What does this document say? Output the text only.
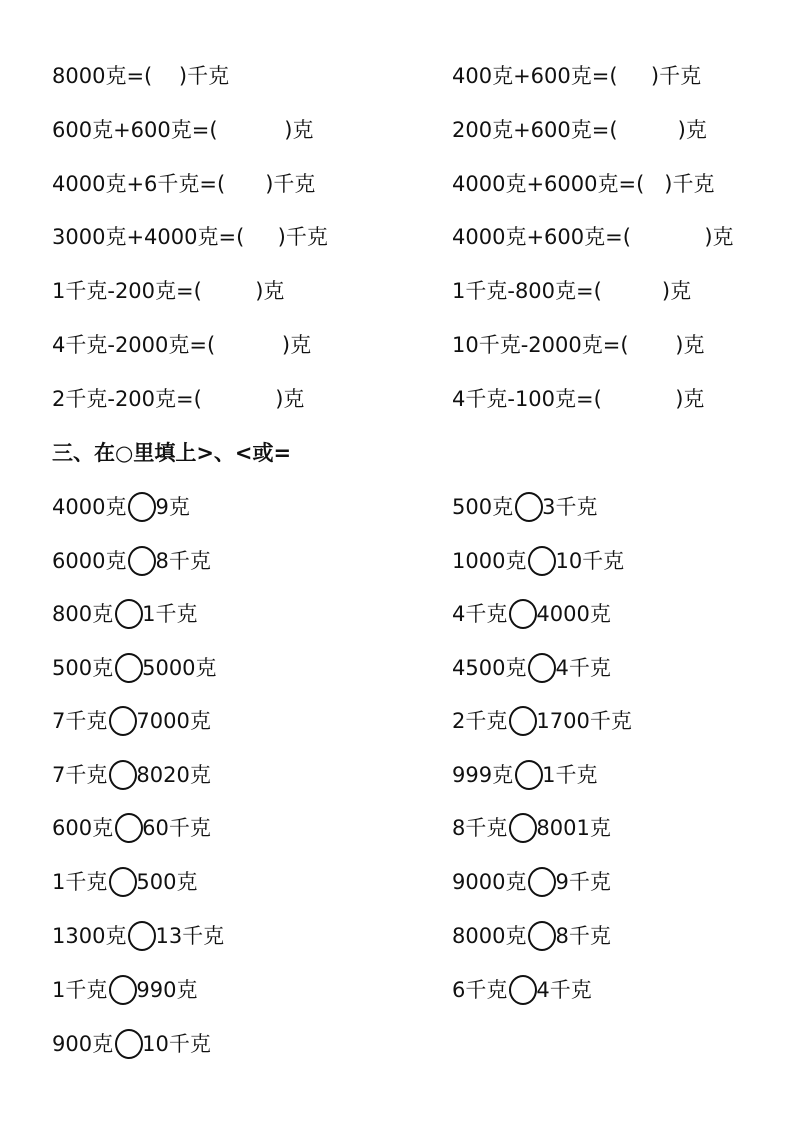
8000克=(    )千克	400克+600克=(     )千克
600克+600克=(          )克	200克+600克=(         )克
4000克+6千克=(      )千克	4000克+6000克=(   )千克
3000克+4000克=(     )千克	4000克+600克=(           )克
1千克-200克=(        )克	1千克-800克=(         )克
4千克-2000克=(          )克	10千克-2000克=(       )克
2千克-200克=(           )克	4千克-100克=(           )克
三、在○里填上>、<或=
4000克 9克
6000克 8千克
800克 1千克
500克 5000克
7千克 7000克
7千克 8020克
600克 60千克
1千克 500克
1300克 13千克
1千克 990克
900克 10千克
500克 3千克
1000克 10千克
4千克 4000克
4500克 4千克
2千克 1700千克
999克 1千克
8千克 8001克
9000克 9千克
8000克 8千克
6千克 4千克
